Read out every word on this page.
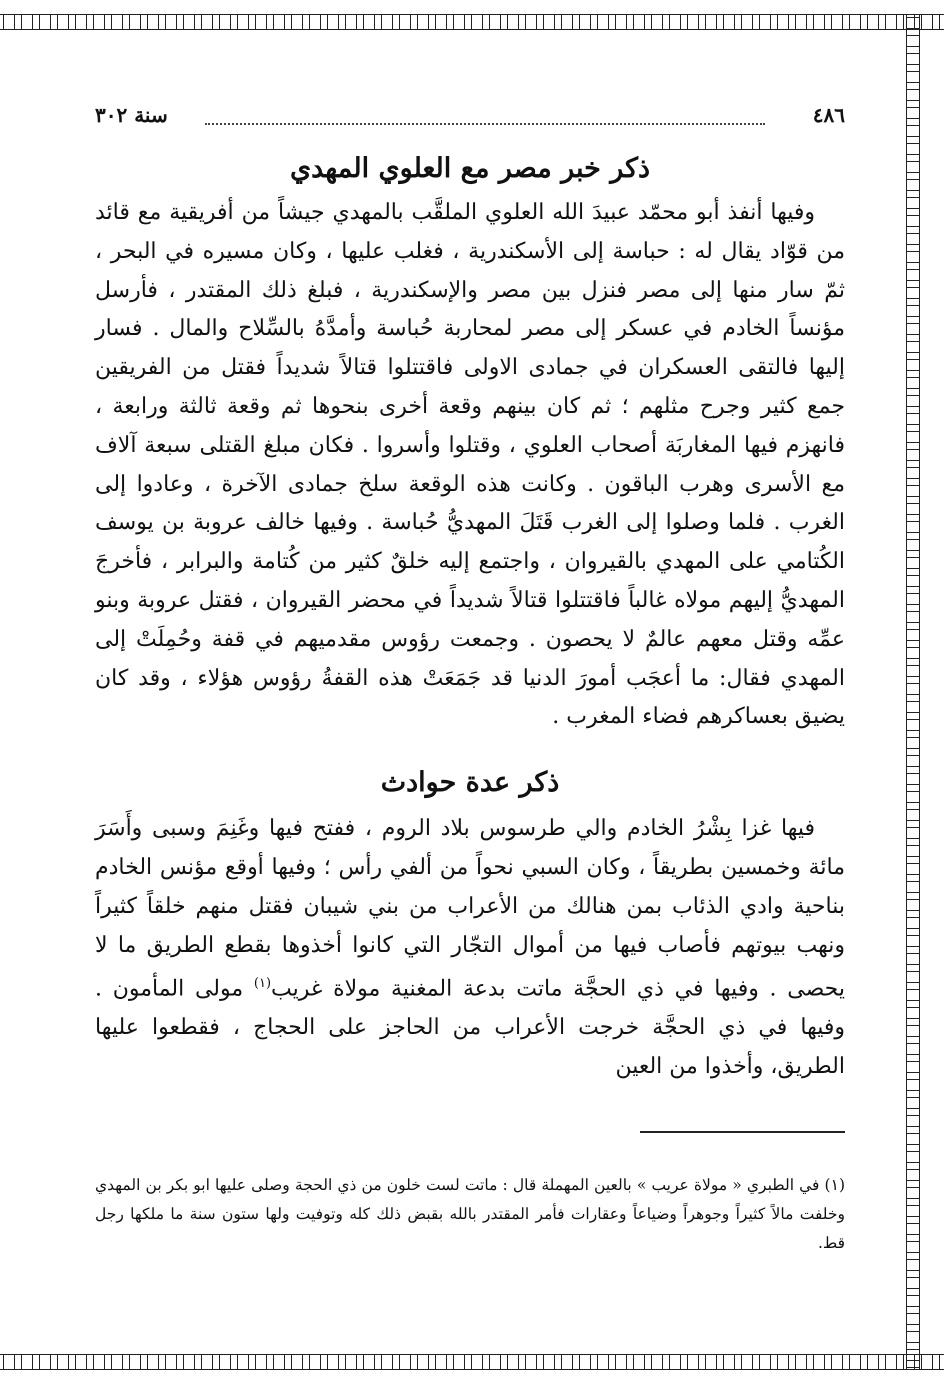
٤٨٦
سنة ٣٠٢
ذكر خبر مصر مع العلوي المهدي

وفيها أنفذ أبو محمّد عبيدَ الله العلوي الملقَّب بالمهدي جيشاً من أفريقية مع قائد من قوّاد يقال له : حباسة إلى الأسكندرية ، فغلب عليها ، وكان مسيره في البحر ، ثمّ سار منها إلى مصر فنزل بين مصر والإسكندرية ، فبلغ ذلك المقتدر ، فأرسل مؤنساً الخادم في عسكر إلى مصر لمحاربة حُباسة وأمدَّهُ بالسِّلاح والمال . فسار إليها فالتقى العسكران في جمادى الاولى فاقتتلوا قتالاً شديداً فقتل من الفريقين جمع كثير وجرح مثلهم ؛ ثم كان بينهم وقعة أخرى بنحوها ثم وقعة ثالثة ورابعة ، فانهزم فيها المغاربَة أصحاب العلوي ، وقتلوا وأسروا . فكان مبلغ القتلى سبعة آلاف مع الأسرى وهرب الباقون . وكانت هذه الوقعة سلخ جمادى الآخرة ، وعادوا إلى الغرب . فلما وصلوا إلى الغرب قَتَلَ المهديُّ حُباسة . وفيها خالف عروبة بن يوسف الكُتامي على المهدي بالقيروان ، واجتمع إليه خلقٌ كثير من كُتامة والبرابر ، فأخرجَ المهديُّ إليهم مولاه غالباً فاقتتلوا قتالاً شديداً في محضر القيروان ، فقتل عروبة وبنو عمِّه وقتل معهم عالمٌ لا يحصون . وجمعت رؤوس مقدميهم في قفة وحُمِلَتْ إلى المهدي فقال: ما أعجَب أمورَ الدنيا قد جَمَعَتْ هذه القفةُ رؤوس هؤلاء ، وقد كان يضيق بعساكرهم فضاء المغرب .

ذكر عدة حوادث

فيها غزا بِشْرُ الخادم والي طرسوس بلاد الروم ، ففتح فيها وغَنِمَ وسبى وأَسَرَ مائة وخمسين بطريقاً ، وكان السبي نحواً من ألفي رأس ؛ وفيها أوقع مؤنس الخادم بناحية وادي الذئاب بمن هنالك من الأعراب من بني شيبان فقتل منهم خلقاً كثيراً ونهب بيوتهم فأصاب فيها من أموال التجّار التي كانوا أخذوها بقطع الطريق ما لا يحصى . وفيها في ذي الحجَّة ماتت بدعة المغنية مولاة غريب$^{(١)}$ مولى المأمون . وفيها في ذي الحجَّة خرجت الأعراب من الحاجز على الحجاج ، فقطعوا عليها الطريق، وأخذوا من العين

(١) في الطبري « مولاة عريب » بالعين المهملة قال : ماتت لست خلون من ذي الحجة وصلى عليها ابو بكر بن المهدي وخلفت مالاً كثيراً وجوهراً وضياعاً وعقارات فأمر المقتدر بالله بقبض ذلك كله وتوفيت ولها ستون سنة ما ملكها رجل قط.
